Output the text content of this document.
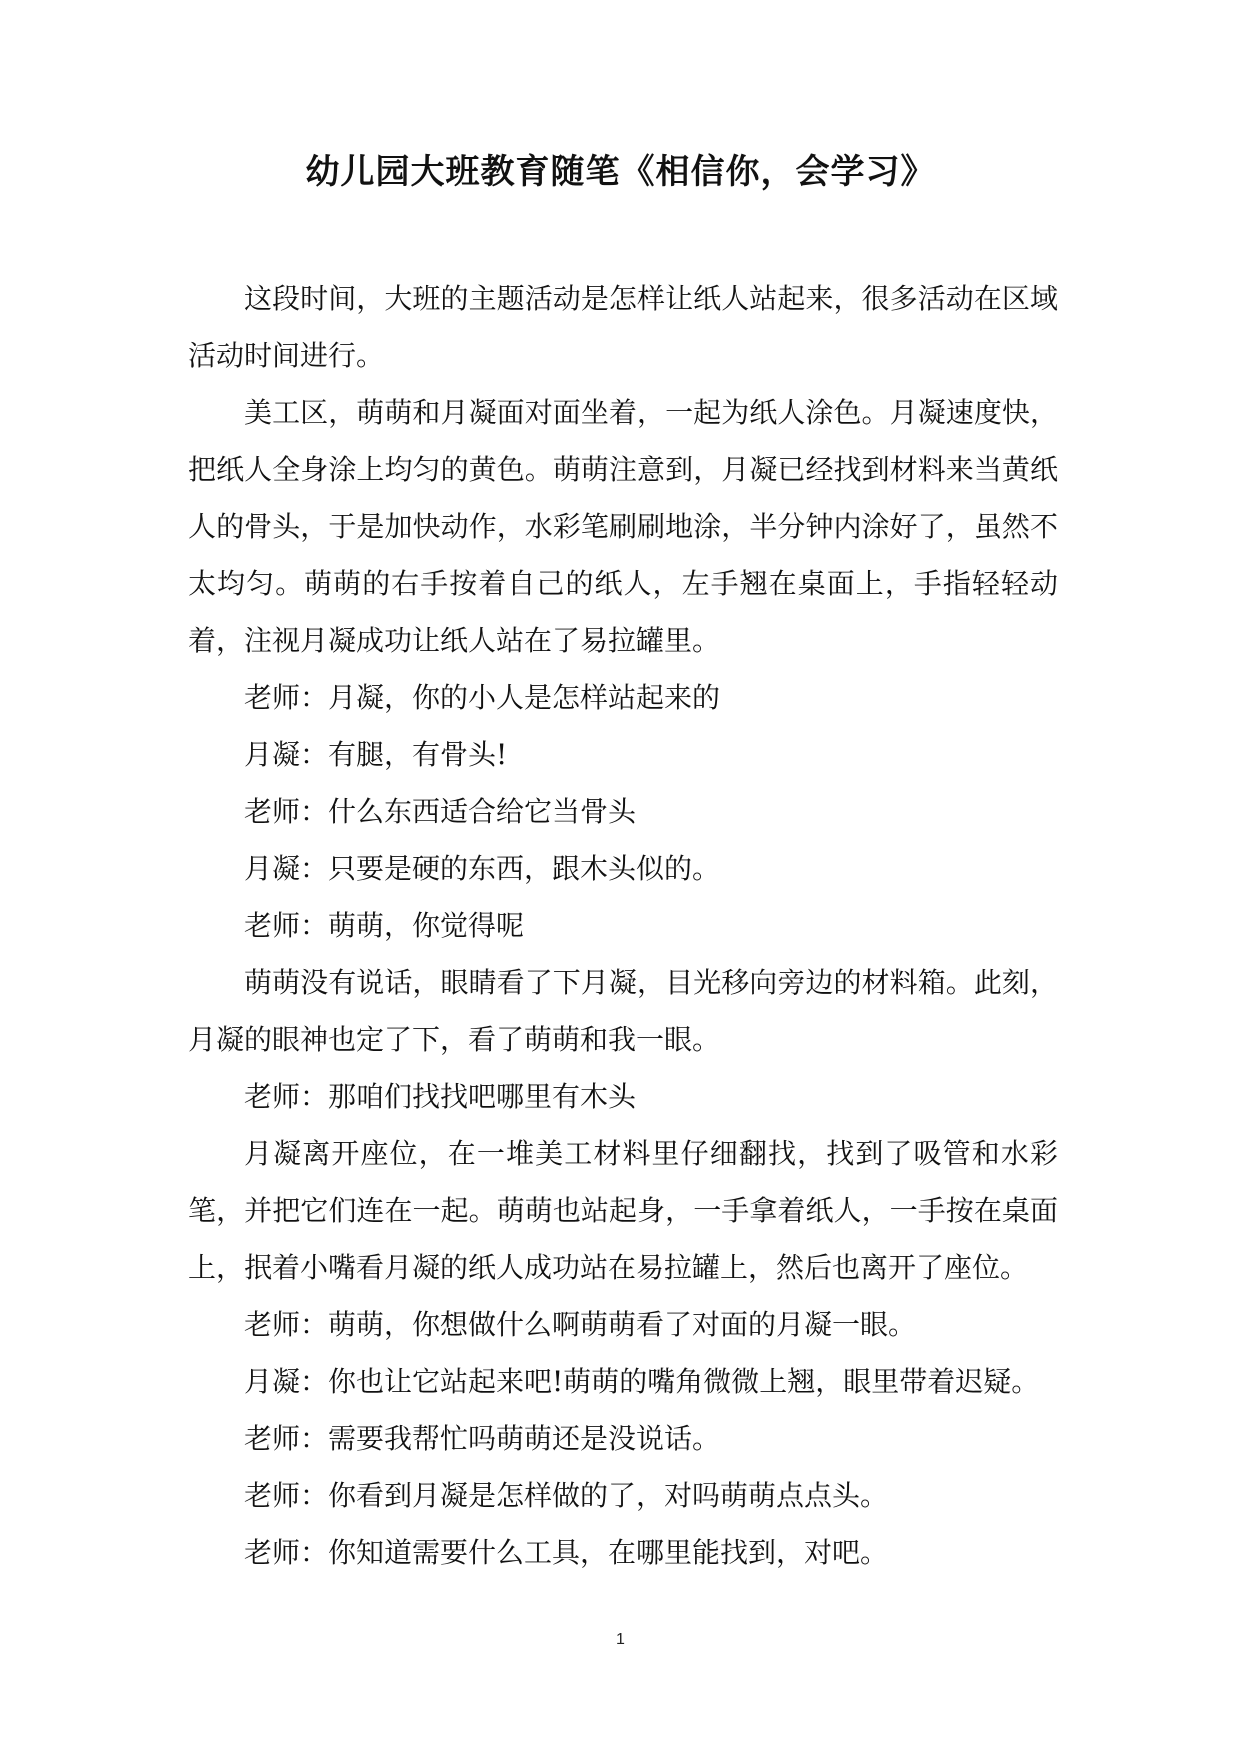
幼儿园大班教育随笔《相信你，会学习》

这段时间，大班的主题活动是怎样让纸人站起来，很多活动在区域活动时间进行。

美工区，萌萌和月凝面对面坐着，一起为纸人涂色。月凝速度快，把纸人全身涂上均匀的黄色。萌萌注意到，月凝已经找到材料来当黄纸人的骨头，于是加快动作，水彩笔刷刷地涂，半分钟内涂好了，虽然不太均匀。萌萌的右手按着自己的纸人，左手翘在桌面上，手指轻轻动着，注视月凝成功让纸人站在了易拉罐里。

老师：月凝，你的小人是怎样站起来的

月凝：有腿，有骨头!

老师：什么东西适合给它当骨头

月凝：只要是硬的东西，跟木头似的。

老师：萌萌，你觉得呢

萌萌没有说话，眼睛看了下月凝，目光移向旁边的材料箱。此刻，月凝的眼神也定了下，看了萌萌和我一眼。

老师：那咱们找找吧哪里有木头

月凝离开座位，在一堆美工材料里仔细翻找，找到了吸管和水彩笔，并把它们连在一起。萌萌也站起身，一手拿着纸人，一手按在桌面上，抿着小嘴看月凝的纸人成功站在易拉罐上，然后也离开了座位。

老师：萌萌，你想做什么啊萌萌看了对面的月凝一眼。

月凝：你也让它站起来吧!萌萌的嘴角微微上翘，眼里带着迟疑。

老师：需要我帮忙吗萌萌还是没说话。

老师：你看到月凝是怎样做的了，对吗萌萌点点头。

老师：你知道需要什么工具，在哪里能找到，对吧。

1
